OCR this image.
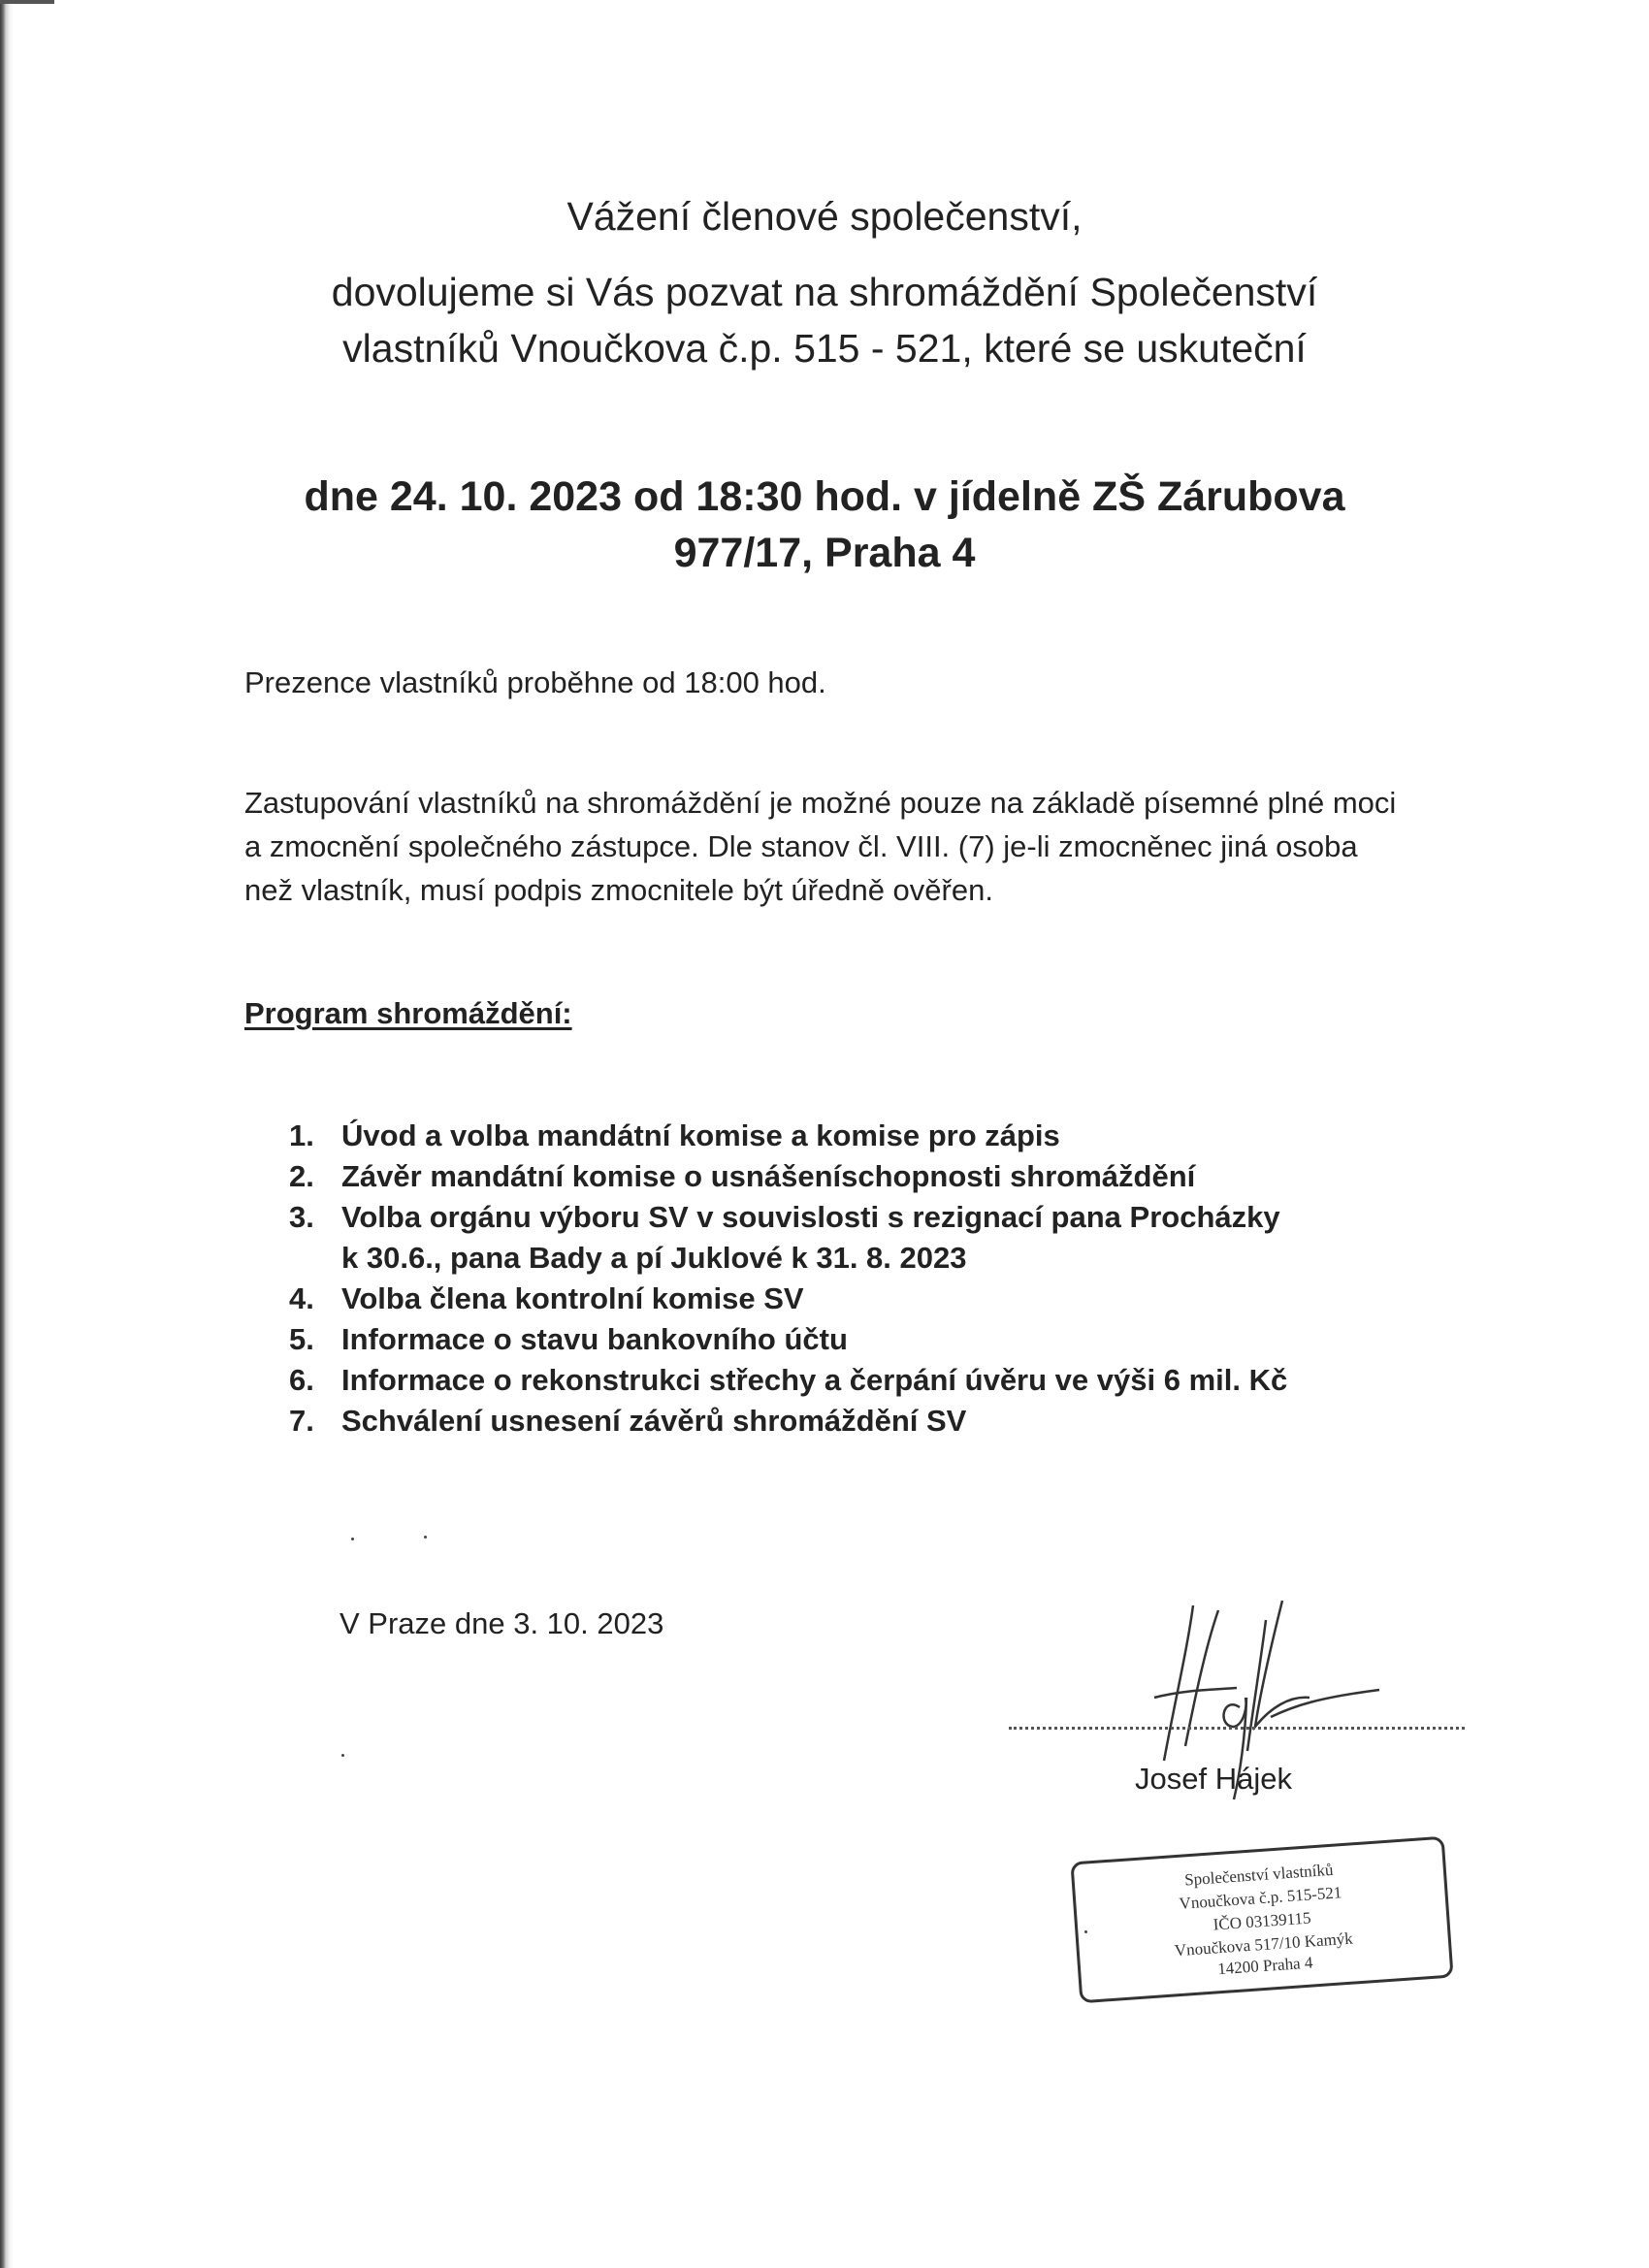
Vážení členové společenství,
dovolujeme si Vás pozvat na shromáždění Společenství
vlastníků Vnoučkova č.p. 515 - 521, které se uskuteční
dne 24. 10. 2023 od 18:30 hod. v jídelně ZŠ Zárubova
977/17, Praha 4
Prezence vlastníků proběhne od 18:00 hod.
Zastupování vlastníků na shromáždění je možné pouze na základě písemné plné moci
a zmocnění společného zástupce. Dle stanov čl. VIII. (7) je-li zmocněnec jiná osoba
než vlastník, musí podpis zmocnitele být úředně ověřen.
Program shromáždění:
1. Úvod a volba mandátní komise a komise pro zápis
2. Závěr mandátní komise o usnášeníschopnosti shromáždění
3. Volba orgánu výboru SV v souvislosti s rezignací pana Procházky
k 30.6., pana Bady a pí Juklové k 31. 8. 2023
4. Volba člena kontrolní komise SV
5. Informace o stavu bankovního účtu
6. Informace o rekonstrukci střechy a čerpání úvěru ve výši 6 mil. Kč
7. Schválení usnesení závěrů shromáždění SV
V Praze dne 3. 10. 2023
Josef Hájek
Společenství vlastníků
Vnoučkova č.p. 515-521
IČO 03139115
Vnoučkova 517/10 Kamýk
14200 Praha 4
